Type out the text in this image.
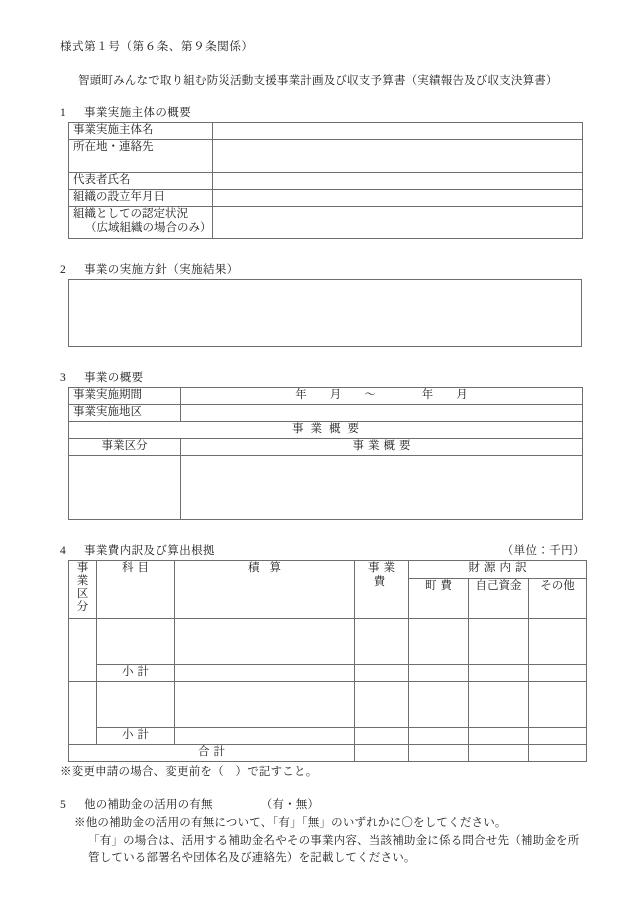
様式第１号（第６条、第９条関係）

智頭町みんなで取り組む防災活動支援事業計画及び収支予算書（実績報告及び収支決算書）

1	事業実施主体の概要
事業実施主体名	
所在地・連絡先	
代表者氏名	
組織の設立年月日	

組織としての認定状況
（広域組織の場合のみ）	

2	事業の実施方針（実施結果）
3	事業の概要
事業実施期間	年　　月　　～　　　　年　　月
事業実施地区	
事業概要	
事業区分	事業概要

4	事業費内訳及び算出根拠	（単位：千円）
事
業
区
分	科目	積算	事業費	財源内訳		
				町費	自己資金	その他

	小計					

	小計					
合計						

※変更申請の場合、変更前を（　）で記すこと。

5	他の補助金の活用の有無	（有・無）

※他の補助金の活用の有無について、「有」「無」のいずれかに〇をしてください。

「有」の場合は、活用する補助金名やその事業内容、当該補助金に係る問合せ先（補助金を所

管している部署名や団体名及び連絡先）を記載してください。
